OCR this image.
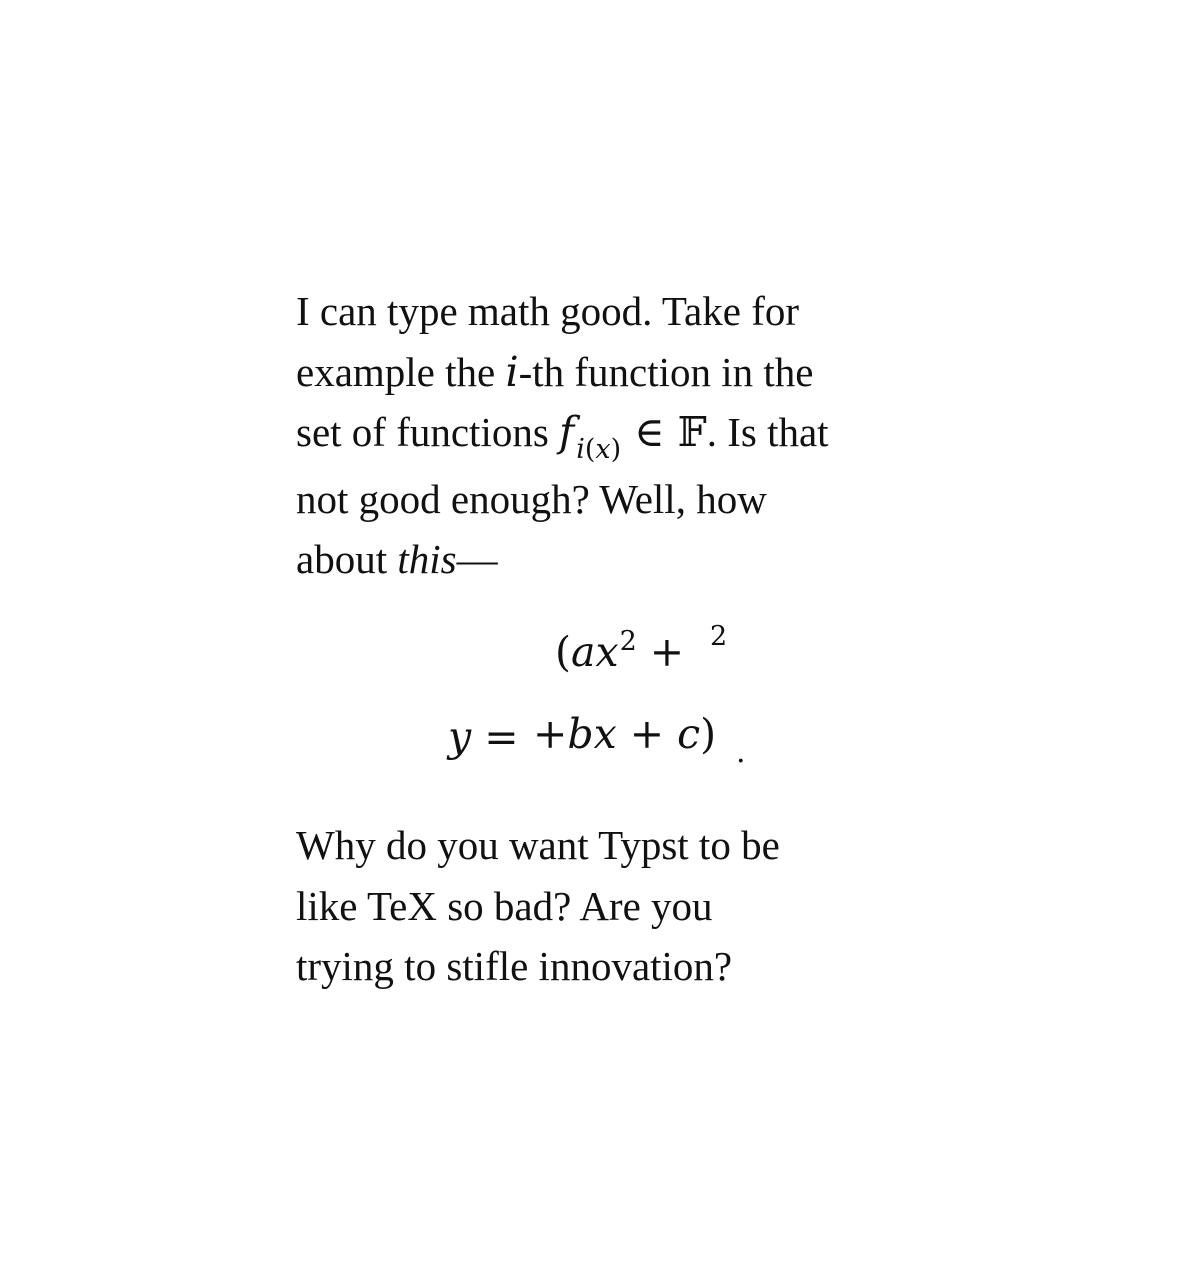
I can type math good. Take for
example the i-th function in the
set of functions $f_{i(x)}$ ∈ 𝔽. Is that
not good enough? Well, how
about this—
($ax^2 + 2$
y = +bx + c) .
Why do you want Typst to be
like TeX so bad? Are you
trying to stifle innovation?
